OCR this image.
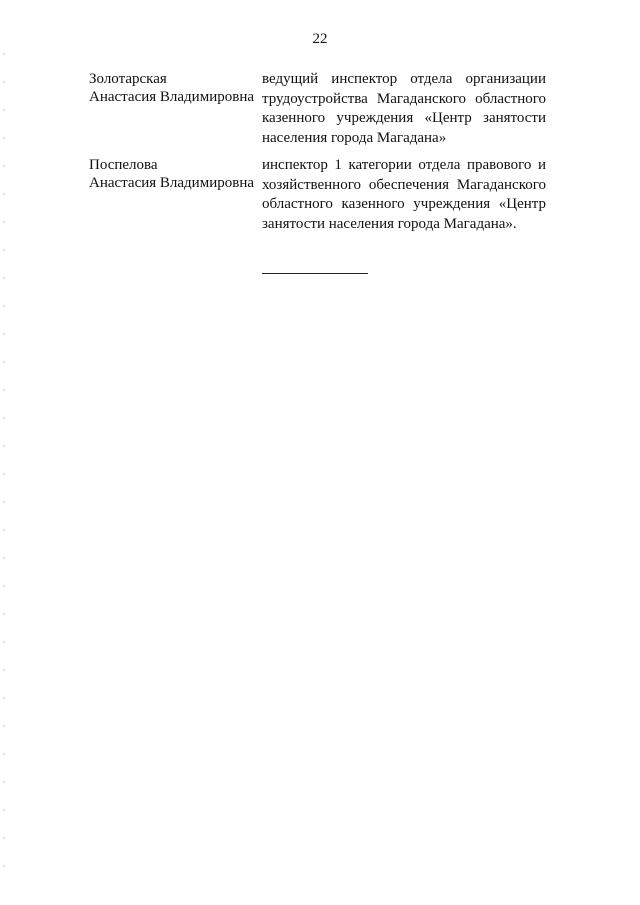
22
Золотарская
Анастасия Владимировна
ведущий инспектор отдела организации трудоустройства Магаданского областного казенного учреждения «Центр занятости населения города Магадана»
Поспелова
Анастасия Владимировна
инспектор 1 категории отдела правового и хозяйственного обеспечения Магаданского областного казенного учреждения «Центр занятости населения города Магадана».
